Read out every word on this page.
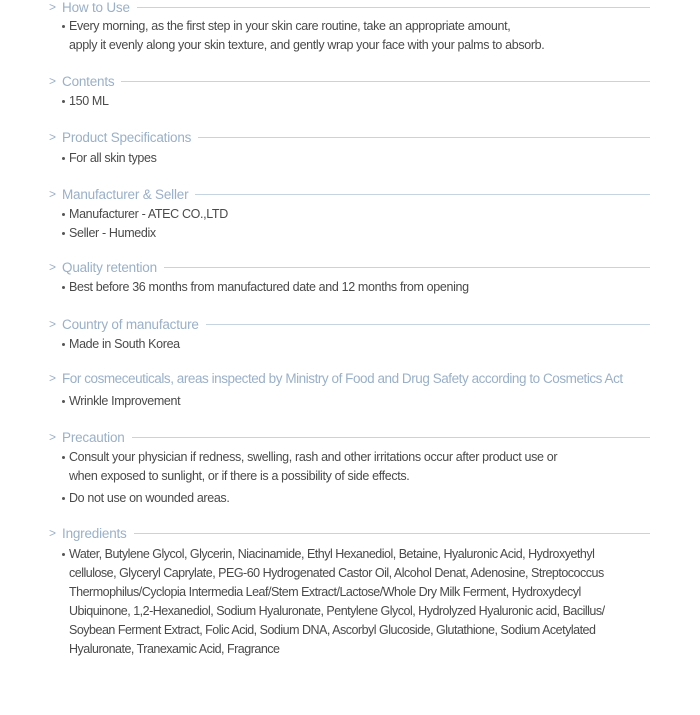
> How to Use
Every morning, as the first step in your skin care routine, take an appropriate amount,
apply it evenly along your skin texture, and gently wrap your face with your palms to absorb.
> Contents
150 ML
> Product Specifications
For all skin types
> Manufacturer & Seller
Manufacturer - ATEC CO.,LTD
Seller - Humedix
> Quality retention
Best before 36 months from manufactured date and 12 months from opening
> Country of manufacture
Made in South Korea
> For cosmeceuticals, areas inspected by Ministry of Food and Drug Safety according to Cosmetics Act
Wrinkle Improvement
> Precaution
Consult your physician if redness, swelling, rash and other irritations occur after product use or
when exposed to sunlight, or if there is a possibility of side effects.
Do not use on wounded areas.
> Ingredients
Water, Butylene Glycol, Glycerin, Niacinamide, Ethyl Hexanediol, Betaine, Hyaluronic Acid, Hydroxyethyl
cellulose, Glyceryl Caprylate, PEG-60 Hydrogenated Castor Oil, Alcohol Denat, Adenosine, Streptococcus
Thermophilus/Cyclopia Intermedia Leaf/Stem Extract/Lactose/Whole Dry Milk Ferment, Hydroxydecyl
Ubiquinone, 1,2-Hexanediol, Sodium Hyaluronate, Pentylene Glycol, Hydrolyzed Hyaluronic acid, Bacillus/
Soybean Ferment Extract, Folic Acid, Sodium DNA, Ascorbyl Glucoside, Glutathione, Sodium Acetylated
Hyaluronate, Tranexamic Acid, Fragrance
